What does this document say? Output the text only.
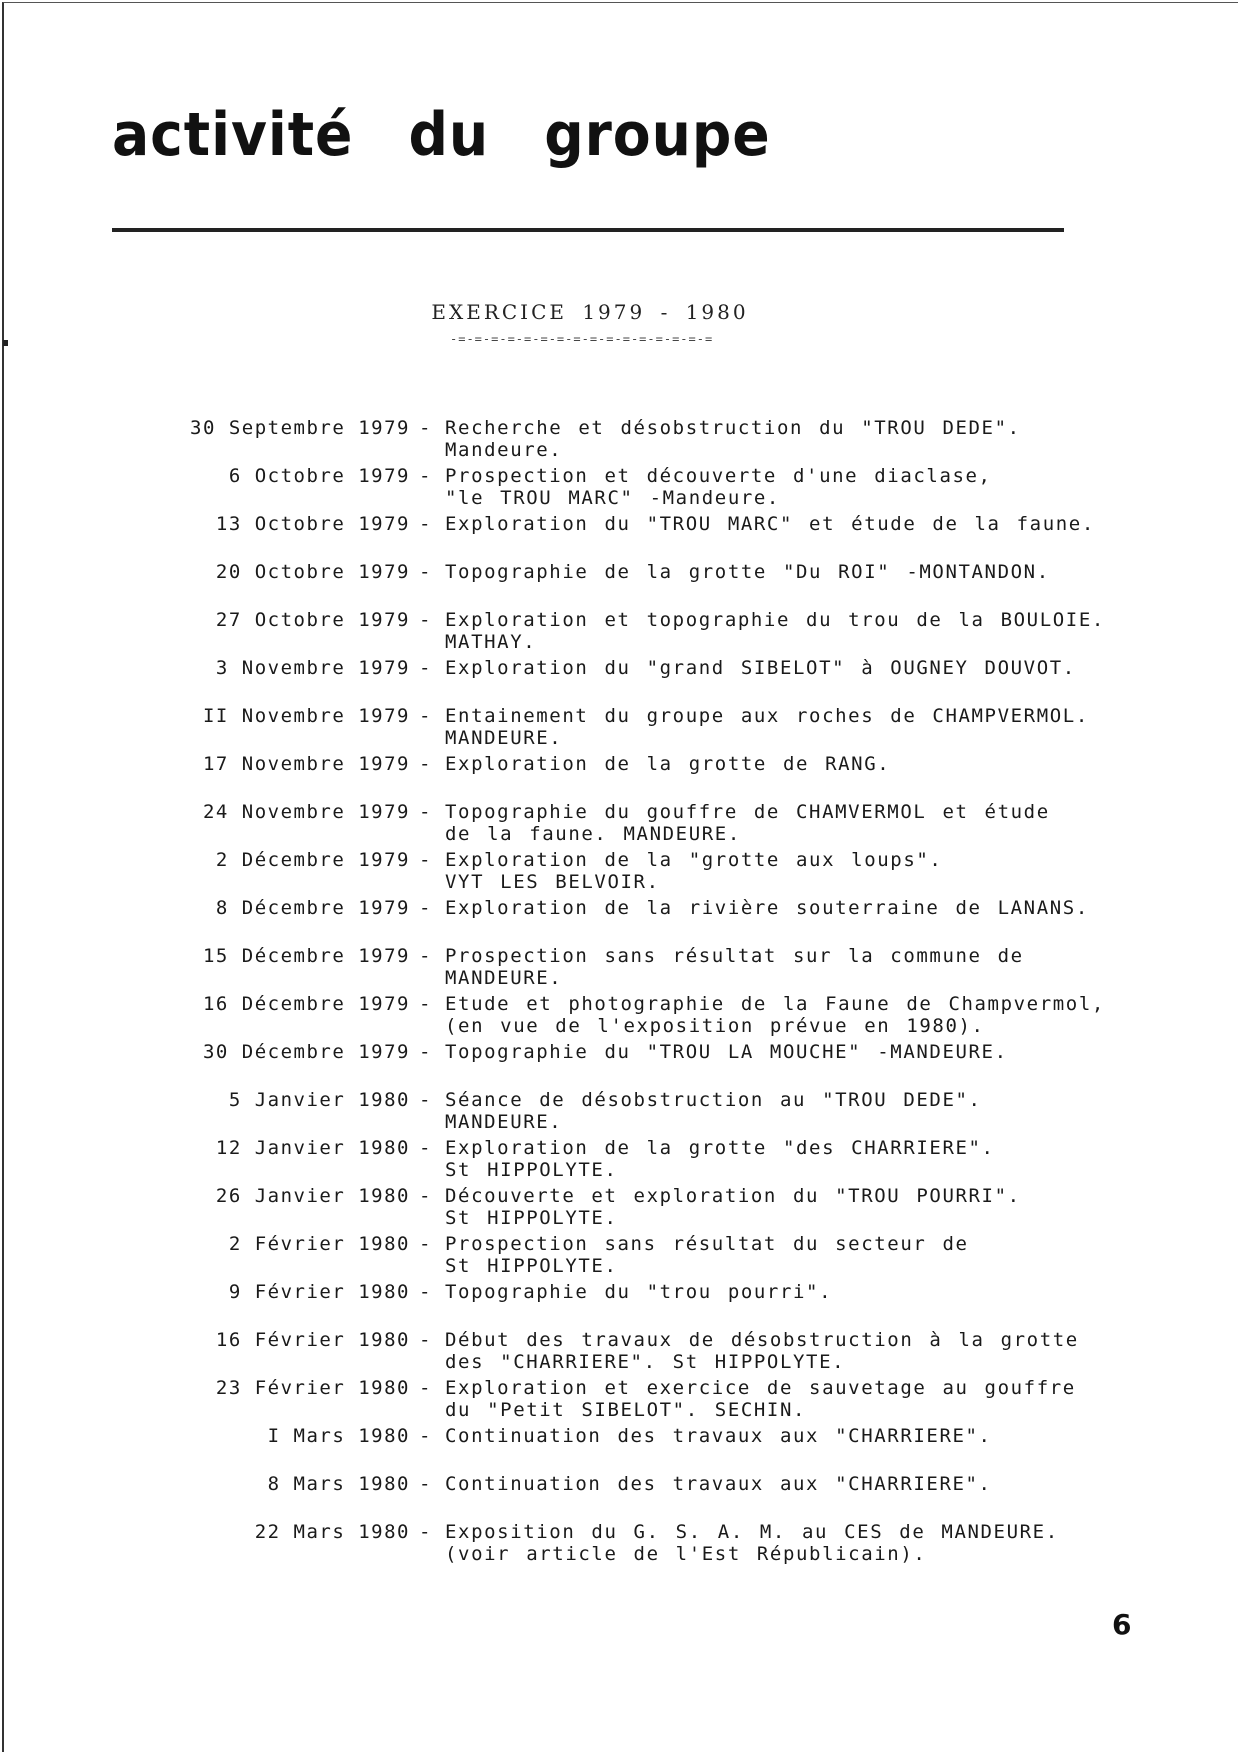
activité du groupe
EXERCICE 1979 - 1980
-=-=-=-=-=-=-=-=-=-=-=-=-=-=-=-=
30 Septembre 1979 - Recherche et désobstruction du "TROU DEDE".
Mandeure.
6 Octobre 1979 - Prospection et découverte d'une diaclase,
"le TROU MARC" -Mandeure.
13 Octobre 1979 - Exploration du "TROU MARC" et étude de la faune.
20 Octobre 1979 - Topographie de la grotte "Du ROI" -MONTANDON.
27 Octobre 1979 - Exploration et topographie du trou de la BOULOIE.
MATHAY.
3 Novembre 1979 - Exploration du "grand SIBELOT" à OUGNEY DOUVOT.
II Novembre 1979 - Entainement du groupe aux roches de CHAMPVERMOL.
MANDEURE.
17 Novembre 1979 - Exploration de la grotte de RANG.
24 Novembre 1979 - Topographie du gouffre de CHAMVERMOL et étude
de la faune. MANDEURE.
2 Décembre 1979 - Exploration de la "grotte aux loups".
VYT LES BELVOIR.
8 Décembre 1979 - Exploration de la rivière souterraine de LANANS.
15 Décembre 1979 - Prospection sans résultat sur la commune de
MANDEURE.
16 Décembre 1979 - Etude et photographie de la Faune de Champvermol,
(en vue de l'exposition prévue en 1980).
30 Décembre 1979 - Topographie du "TROU LA MOUCHE" -MANDEURE.
5 Janvier 1980 - Séance de désobstruction au "TROU DEDE".
MANDEURE.
12 Janvier 1980 - Exploration de la grotte "des CHARRIERE".
St HIPPOLYTE.
26 Janvier 1980 - Découverte et exploration du "TROU POURRI".
St HIPPOLYTE.
2 Février 1980 - Prospection sans résultat du secteur de
St HIPPOLYTE.
9 Février 1980 - Topographie du "trou pourri".
16 Février 1980 - Début des travaux de désobstruction à la grotte
des "CHARRIERE". St HIPPOLYTE.
23 Février 1980 - Exploration et exercice de sauvetage au gouffre
du "Petit SIBELOT". SECHIN.
I Mars 1980 - Continuation des travaux aux "CHARRIERE".
8 Mars 1980 - Continuation des travaux aux "CHARRIERE".
22 Mars 1980 - Exposition du G. S. A. M. au CES de MANDEURE.
(voir article de l'Est Républicain).
6
